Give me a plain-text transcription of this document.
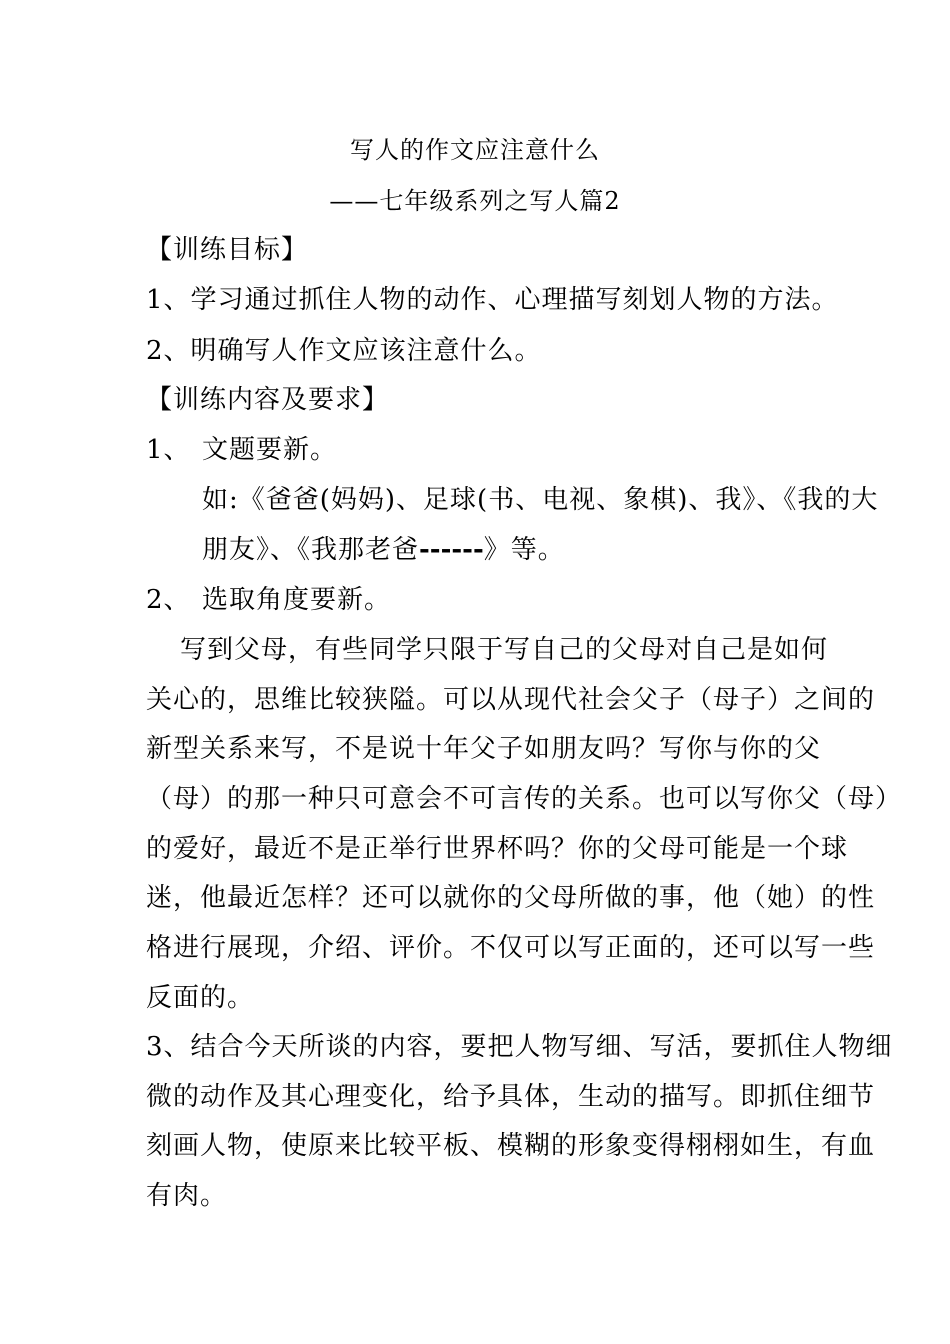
写人的作文应注意什么
——七年级系列之写人篇2
【训练目标】
1、学习通过抓住人物的动作、心理描写刻划人物的方法。
2、明确写人作文应该注意什么。
【训练内容及要求】
1、 文题要新。
如:《爸爸(妈妈)、足球(书、电视、象棋)、我》、《我的大
朋友》、《我那老爸------》等。
2、 选取角度要新。
写到父母，有些同学只限于写自己的父母对自己是如何
关心的，思维比较狭隘。可以从现代社会父子（母子）之间的
新型关系来写，不是说十年父子如朋友吗？写你与你的父
（母）的那一种只可意会不可言传的关系。也可以写你父（母）
的爱好，最近不是正举行世界杯吗？你的父母可能是一个球
迷，他最近怎样？还可以就你的父母所做的事，他（她）的性
格进行展现，介绍、评价。不仅可以写正面的，还可以写一些
反面的。
3、结合今天所谈的内容，要把人物写细、写活，要抓住人物细
微的动作及其心理变化，给予具体，生动的描写。即抓住细节
刻画人物，使原来比较平板、模糊的形象变得栩栩如生，有血
有肉。
